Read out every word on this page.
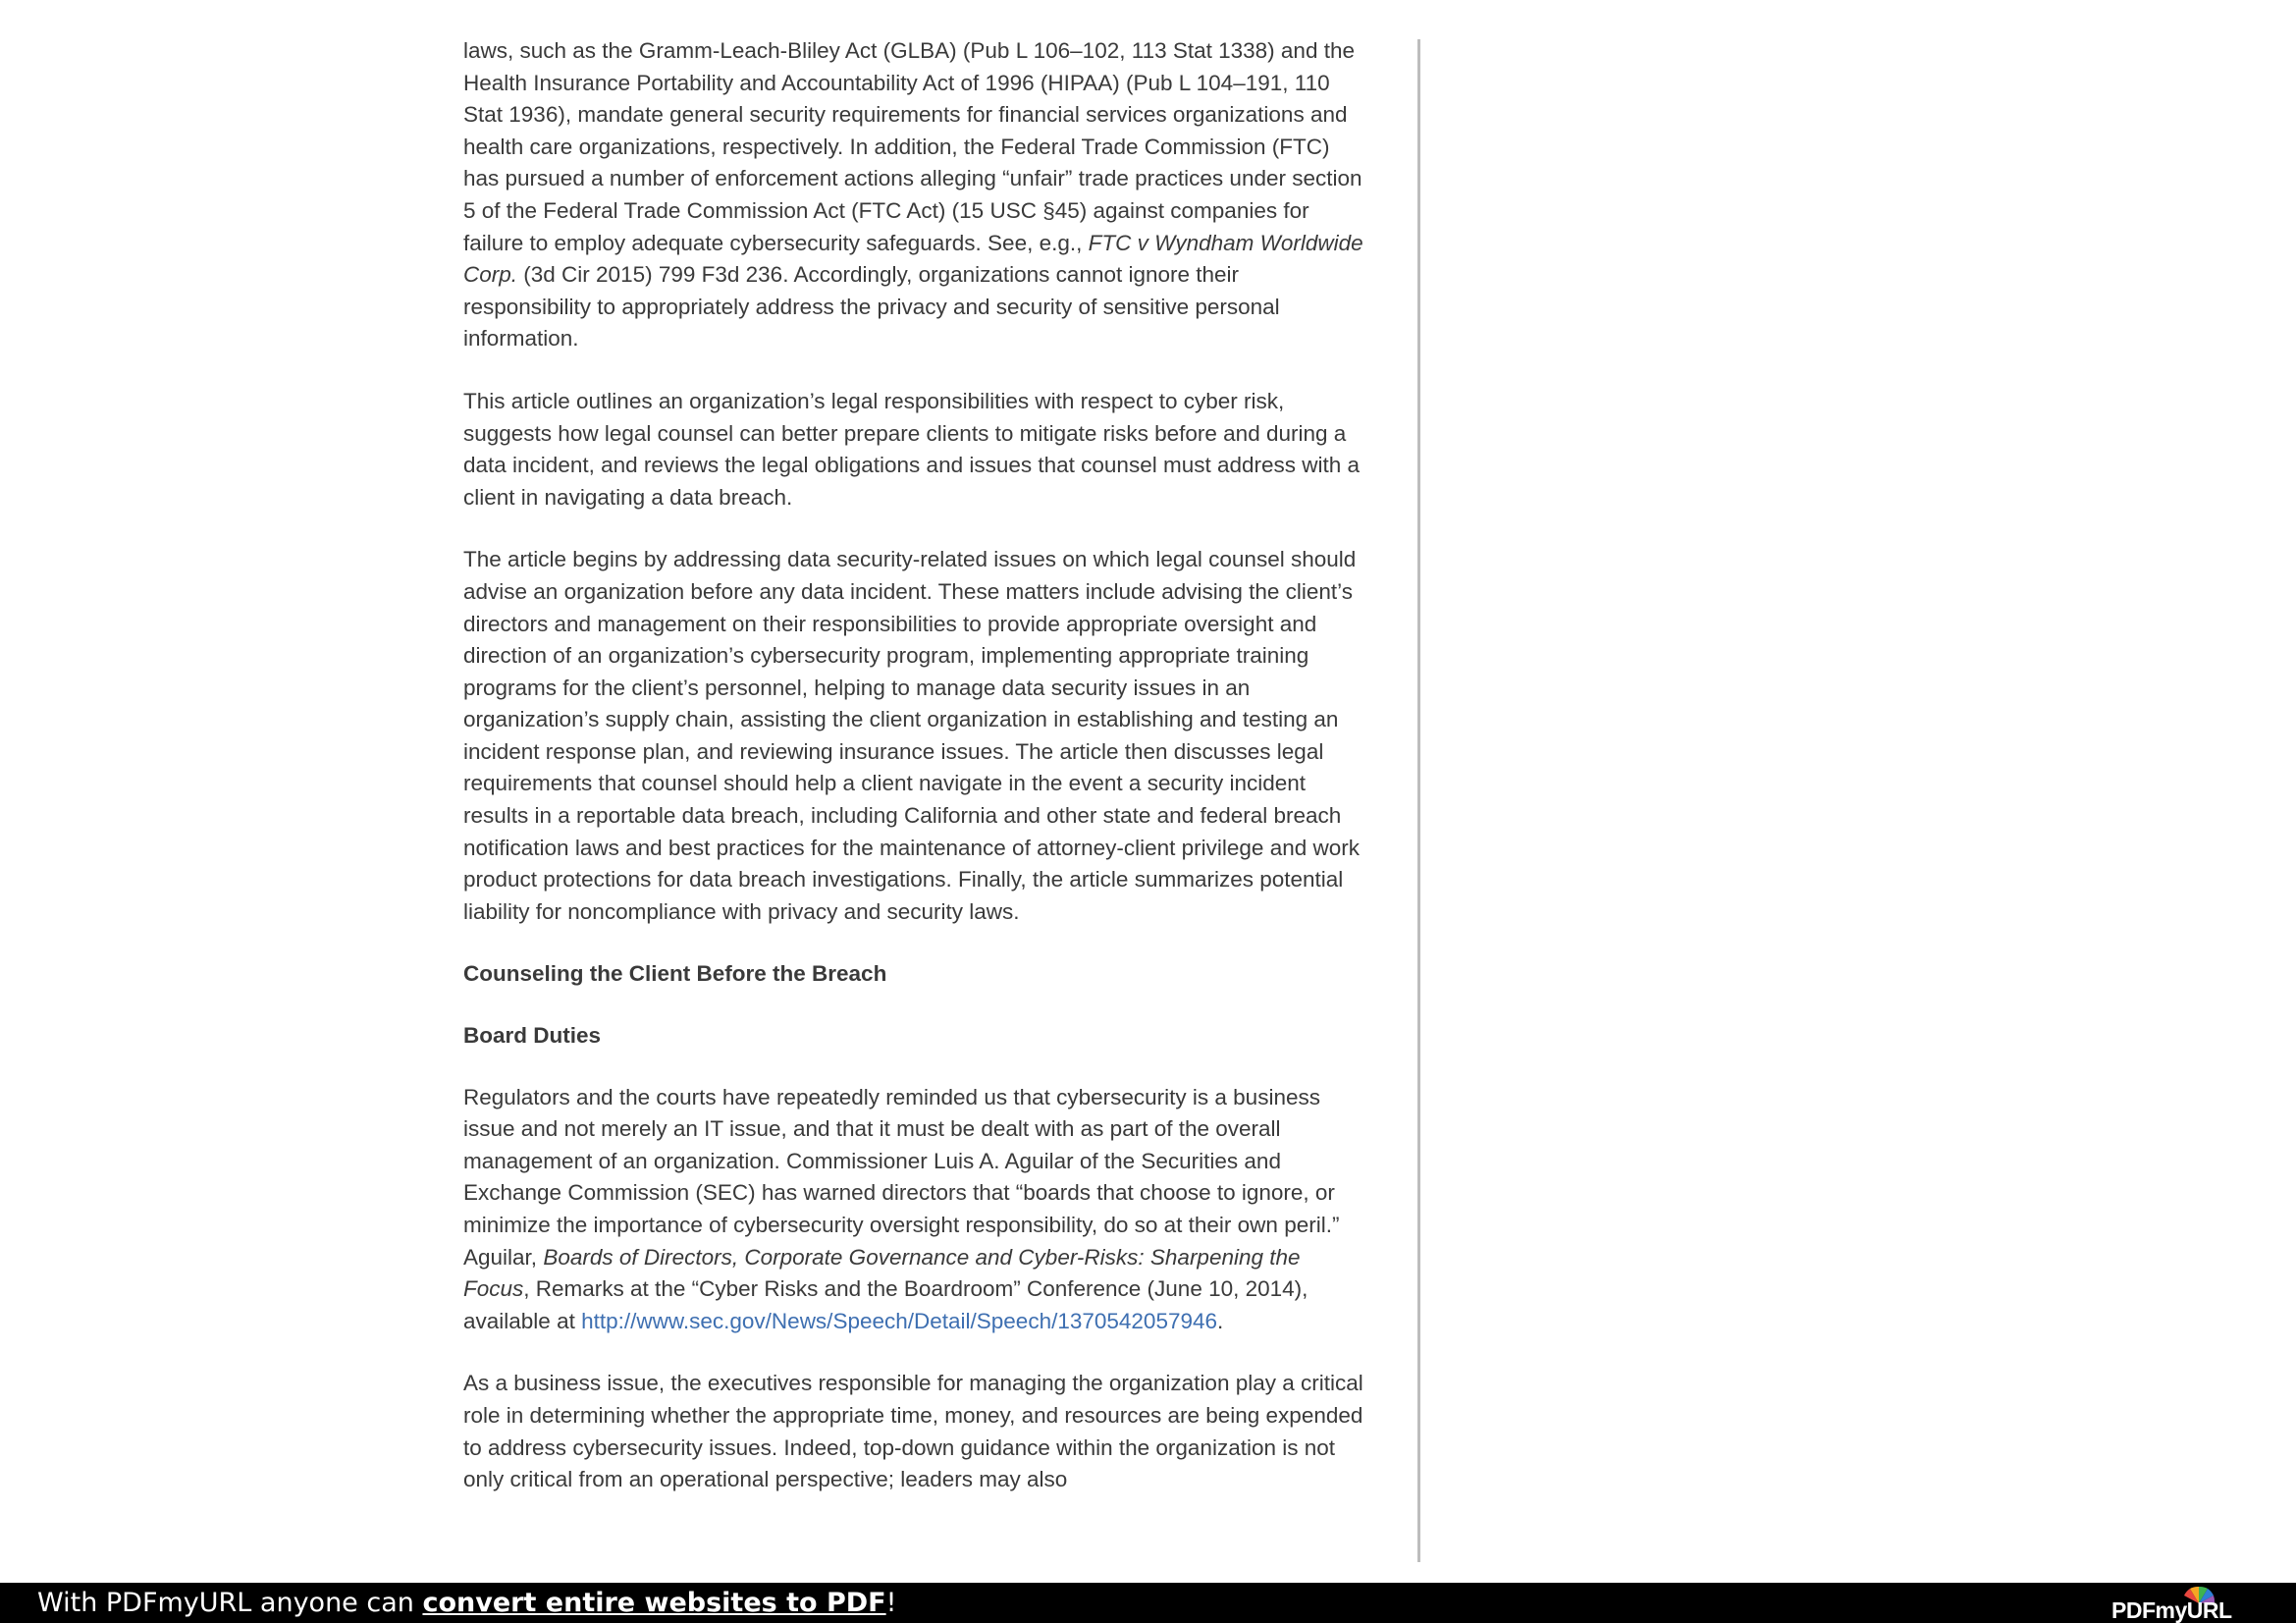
laws, such as the Gramm-Leach-Bliley Act (GLBA) (Pub L 106–102, 113 Stat 1338) and the Health Insurance Portability and Accountability Act of 1996 (HIPAA) (Pub L 104–191, 110 Stat 1936), mandate general security requirements for financial services organizations and health care organizations, respectively. In addition, the Federal Trade Commission (FTC) has pursued a number of enforcement actions alleging “unfair” trade practices under section 5 of the Federal Trade Commission Act (FTC Act) (15 USC §45) against companies for failure to employ adequate cybersecurity safeguards. See, e.g., FTC v Wyndham Worldwide Corp. (3d Cir 2015) 799 F3d 236. Accordingly, organizations cannot ignore their responsibility to appropriately address the privacy and security of sensitive personal information.

This article outlines an organization’s legal responsibilities with respect to cyber risk, suggests how legal counsel can better prepare clients to mitigate risks before and during a data incident, and reviews the legal obligations and issues that counsel must address with a client in navigating a data breach.

The article begins by addressing data security-related issues on which legal counsel should advise an organization before any data incident. These matters include advising the client’s directors and management on their responsibilities to provide appropriate oversight and direction of an organization’s cybersecurity program, implementing appropriate training programs for the client’s personnel, helping to manage data security issues in an organization’s supply chain, assisting the client organization in establishing and testing an incident response plan, and reviewing insurance issues. The article then discusses legal requirements that counsel should help a client navigate in the event a security incident results in a reportable data breach, including California and other state and federal breach notification laws and best practices for the maintenance of attorney-client privilege and work product protections for data breach investigations. Finally, the article summarizes potential liability for noncompliance with privacy and security laws.

Counseling the Client Before the Breach

Board Duties

Regulators and the courts have repeatedly reminded us that cybersecurity is a business issue and not merely an IT issue, and that it must be dealt with as part of the overall management of an organization. Commissioner Luis A. Aguilar of the Securities and Exchange Commission (SEC) has warned directors that “boards that choose to ignore, or minimize the importance of cybersecurity oversight responsibility, do so at their own peril.” Aguilar, Boards of Directors, Corporate Governance and Cyber-Risks: Sharpening the Focus, Remarks at the “Cyber Risks and the Boardroom” Conference (June 10, 2014), available at http://www.sec.gov/News/Speech/Detail/Speech/1370542057946.

As a business issue, the executives responsible for managing the organization play a critical role in determining whether the appropriate time, money, and resources are being expended to address cybersecurity issues. Indeed, top-down guidance within the organization is not only critical from an operational perspective; leaders may also

With PDFmyURL anyone can convert entire websites to PDF!	PDFmyURL
